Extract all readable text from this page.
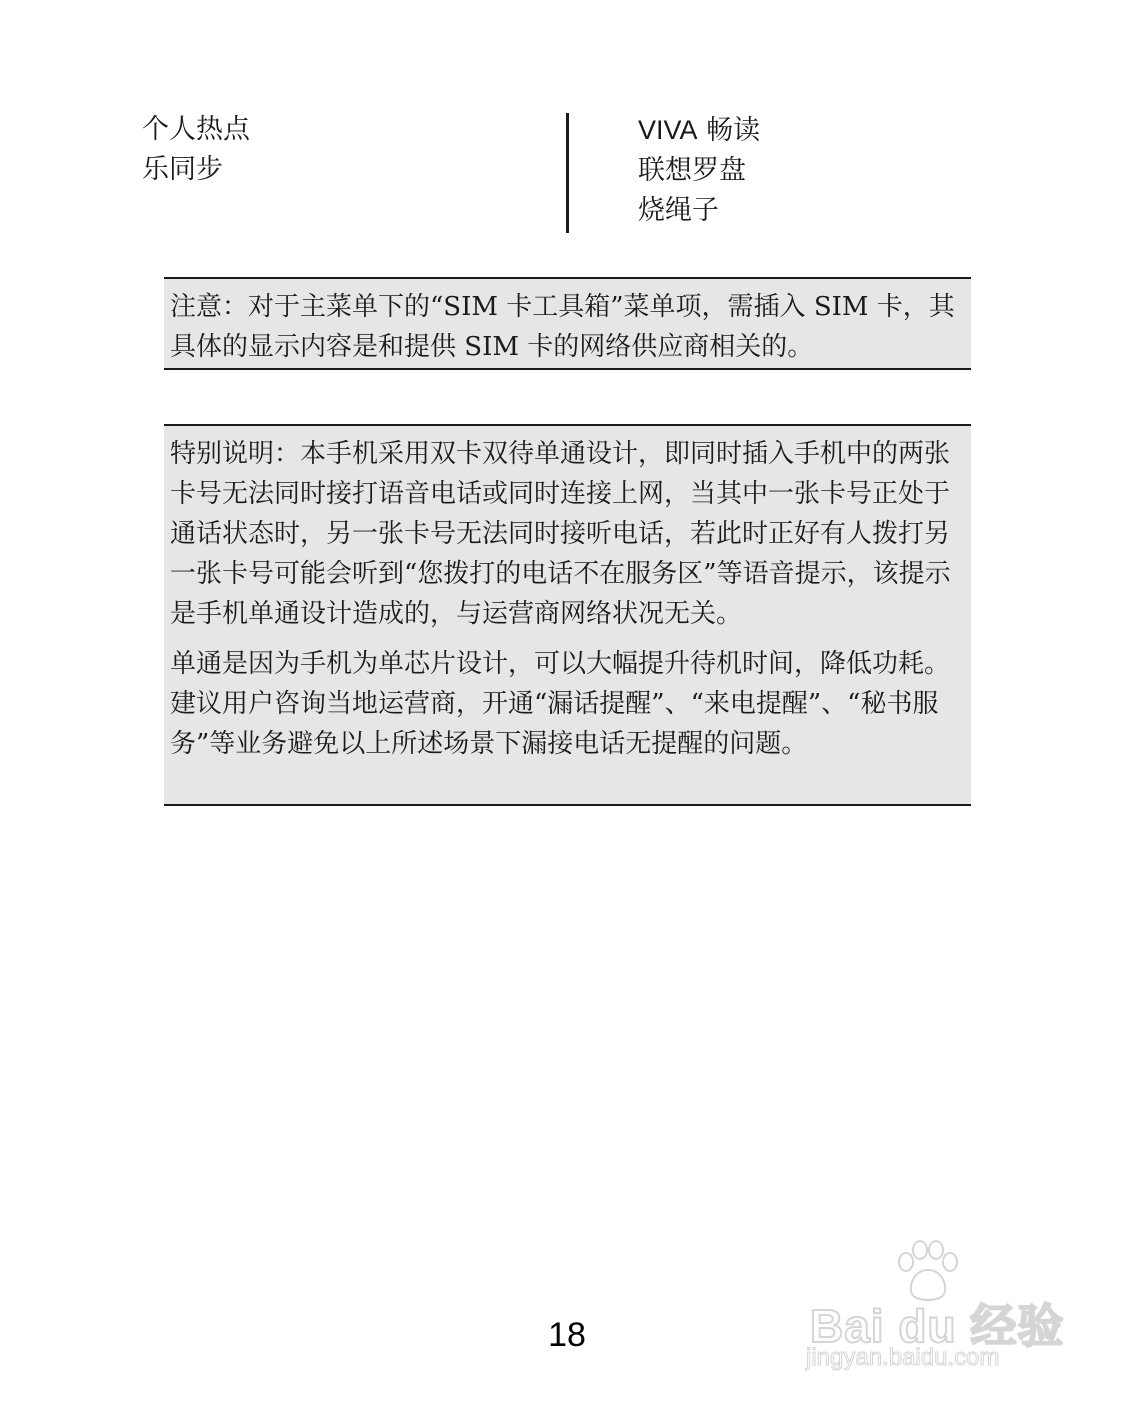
个人热点
乐同步
VIVA 畅读
联想罗盘
烧绳子
注意：对于主菜单下的“SIM 卡工具箱”菜单项，需插入 SIM 卡，其具体的显示内容是和提供 SIM 卡的网络供应商相关的。

特别说明：本手机采用双卡双待单通设计，即同时插入手机中的两张卡号无法同时接打语音电话或同时连接上网，当其中一张卡号正处于通话状态时，另一张卡号无法同时接听电话，若此时正好有人拨打另一张卡号可能会听到“您拨打的电话不在服务区”等语音提示，该提示是手机单通设计造成的，与运营商网络状况无关。

单通是因为手机为单芯片设计，可以大幅提升待机时间，降低功耗。建议用户咨询当地运营商，开通“漏话提醒”、“来电提醒”、“秘书服务”等业务避免以上所述场景下漏接电话无提醒的问题。

18	Bai du 经验
jingyan.baidu.com
